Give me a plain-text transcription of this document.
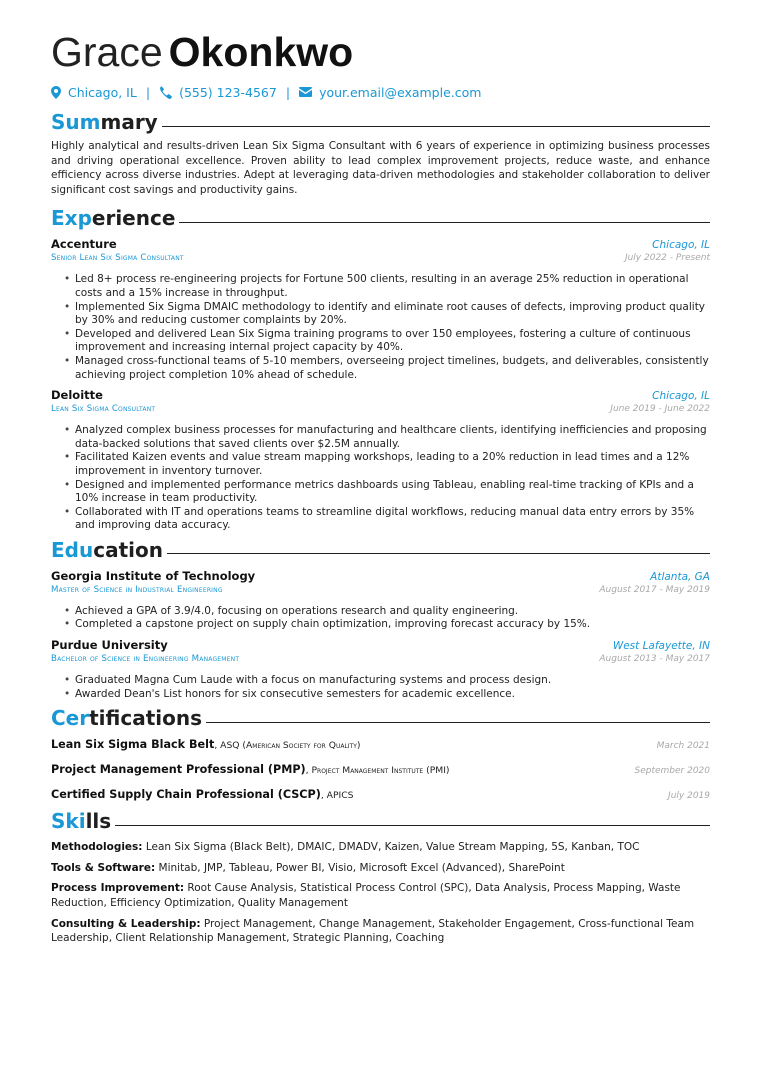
Grace Okonkwo
Chicago, IL | (555) 123-4567 | your.email@example.com
Summary
Highly analytical and results-driven Lean Six Sigma Consultant with 6 years of experience in optimizing business processes and driving operational excellence. Proven ability to lead complex improvement projects, reduce waste, and enhance efficiency across diverse industries. Adept at leveraging data-driven methodologies and stakeholder collaboration to deliver significant cost savings and productivity gains.
Experience
Accenture	Chicago, IL
Senior Lean Six Sigma Consultant	July 2022 - Present
• Led 8+ process re-engineering projects for Fortune 500 clients, resulting in an average 25% reduction in operational costs and a 15% increase in throughput.
• Implemented Six Sigma DMAIC methodology to identify and eliminate root causes of defects, improving product quality by 30% and reducing customer complaints by 20%.
• Developed and delivered Lean Six Sigma training programs to over 150 employees, fostering a culture of continuous improvement and increasing internal project capacity by 40%.
• Managed cross-functional teams of 5-10 members, overseeing project timelines, budgets, and deliverables, consistently achieving project completion 10% ahead of schedule.
Deloitte	Chicago, IL
Lean Six Sigma Consultant	June 2019 - June 2022
• Analyzed complex business processes for manufacturing and healthcare clients, identifying inefficiencies and proposing data-backed solutions that saved clients over $2.5M annually.
• Facilitated Kaizen events and value stream mapping workshops, leading to a 20% reduction in lead times and a 12% improvement in inventory turnover.
• Designed and implemented performance metrics dashboards using Tableau, enabling real-time tracking of KPIs and a 10% increase in team productivity.
• Collaborated with IT and operations teams to streamline digital workflows, reducing manual data entry errors by 35% and improving data accuracy.
Education
Georgia Institute of Technology	Atlanta, GA
Master of Science in Industrial Engineering	August 2017 - May 2019
• Achieved a GPA of 3.9/4.0, focusing on operations research and quality engineering.
• Completed a capstone project on supply chain optimization, improving forecast accuracy by 15%.
Purdue University	West Lafayette, IN
Bachelor of Science in Engineering Management	August 2013 - May 2017
• Graduated Magna Cum Laude with a focus on manufacturing systems and process design.
• Awarded Dean's List honors for six consecutive semesters for academic excellence.
Certifications
Lean Six Sigma Black Belt, ASQ (American Society for Quality)	March 2021
Project Management Professional (PMP), Project Management Institute (PMI)	September 2020
Certified Supply Chain Professional (CSCP), APICS	July 2019
Skills
Methodologies: Lean Six Sigma (Black Belt), DMAIC, DMADV, Kaizen, Value Stream Mapping, 5S, Kanban, TOC
Tools & Software: Minitab, JMP, Tableau, Power BI, Visio, Microsoft Excel (Advanced), SharePoint
Process Improvement: Root Cause Analysis, Statistical Process Control (SPC), Data Analysis, Process Mapping, Waste Reduction, Efficiency Optimization, Quality Management
Consulting & Leadership: Project Management, Change Management, Stakeholder Engagement, Cross-functional Team Leadership, Client Relationship Management, Strategic Planning, Coaching
